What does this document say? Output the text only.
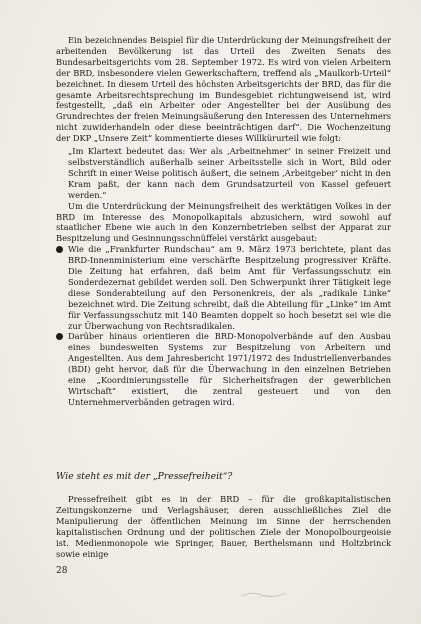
Ein bezeichnendes Beispiel für die Unterdrückung der Meinungsfreiheit der arbeitenden Bevölkerung ist das Urteil des Zweiten Senats des Bundesarbeitsgerichts vom 28. September 1972. Es wird von vielen Arbeitern der BRD, insbesondere vielen Gewerkschaftern, treffend als „Maulkorb-Urteil“ bezeichnet. In diesem Urteil des höchsten Arbeitsgerichts der BRD, das für die gesamte Arbeitsrechtsprechung im Bundesgebiet richtungweisend ist, wird festgestellt, „daß ein Arbeiter oder Angestellter bei der Ausübung des Grundrechtes der freien Meinungsäußerung den Interessen des Unternehmers nicht zuwiderhandeln oder diese beeinträchtigen darf“. Die Wochenzeitung der DKP „Unsere Zeit“ kommentierte dieses Willkürurteil wie folgt:

„Im Klartext bedeutet das: Wer als ‚Arbeitnehmer‘ in seiner Freizeit und selbstverständlich außerhalb seiner Arbeitsstelle sich in Wort, Bild oder Schrift in einer Weise politisch äußert, die seinem ‚Arbeitgeber‘ nicht in den Kram paßt, der kann nach dem Grundsatzurteil von Kassel gefeuert werden.“

Um die Unterdrückung der Meinungsfreiheit des werktätigen Volkes in der BRD im Interesse des Monopolkapitals abzusichern, wird sowohl auf staatlicher Ebene wie auch in den Konzernbetrieben selbst der Apparat zur Bespitzelung und Gesinnungsschnüffelei verstärkt ausgebaut:

Wie die „Frankfurter Rundschau“ am 9. März 1973 berichtete, plant das BRD-Innenministerium eine verschärfte Bespitzelung progressiver Kräfte. Die Zeitung hat erfahren, daß beim Amt für Verfassungsschutz ein Sonderdezernat gebildet werden soll. Den Schwerpunkt ihrer Tätigkeit lege diese Sonderabteilung auf den Personenkreis, der als „radikale Linke“ bezeichnet wird. Die Zeitung schreibt, daß die Abteilung für „Linke“ im Amt für Verfassungsschutz mit 140 Beamten doppelt so hoch besetzt sei wie die zur Überwachung von Rechtsradikalen.
Darüber hinaus orientieren die BRD-Monopolverbände auf den Ausbau eines bundesweiten Systems zur Bespitzelung von Arbeitern und Angestellten. Aus dem Jahresbericht 1971/1972 des Industriellenverbandes (BDI) geht hervor, daß für die Überwachung in den einzelnen Betrieben eine „Koordinierungsstelle für Sicherheitsfragen der gewerblichen Wirtschaft“ existiert, die zentral gesteuert und von den Unternehmerverbänden getragen wird.
Wie steht es mit der „Pressefreiheit“?

Pressefreiheit gibt es in der BRD – für die großkapitalistischen Zeitungskonzerne und Verlagshäuser, deren ausschließliches Ziel die Manipulierung der öffentlichen Meinung im Sinne der herrschenden kapitalistischen Ordnung und der politischen Ziele der Monopolbourgeoisie ist. Medienmonopole wie Springer, Bauer, Berthelsmann und Holtzbrinck sowie einige

28
